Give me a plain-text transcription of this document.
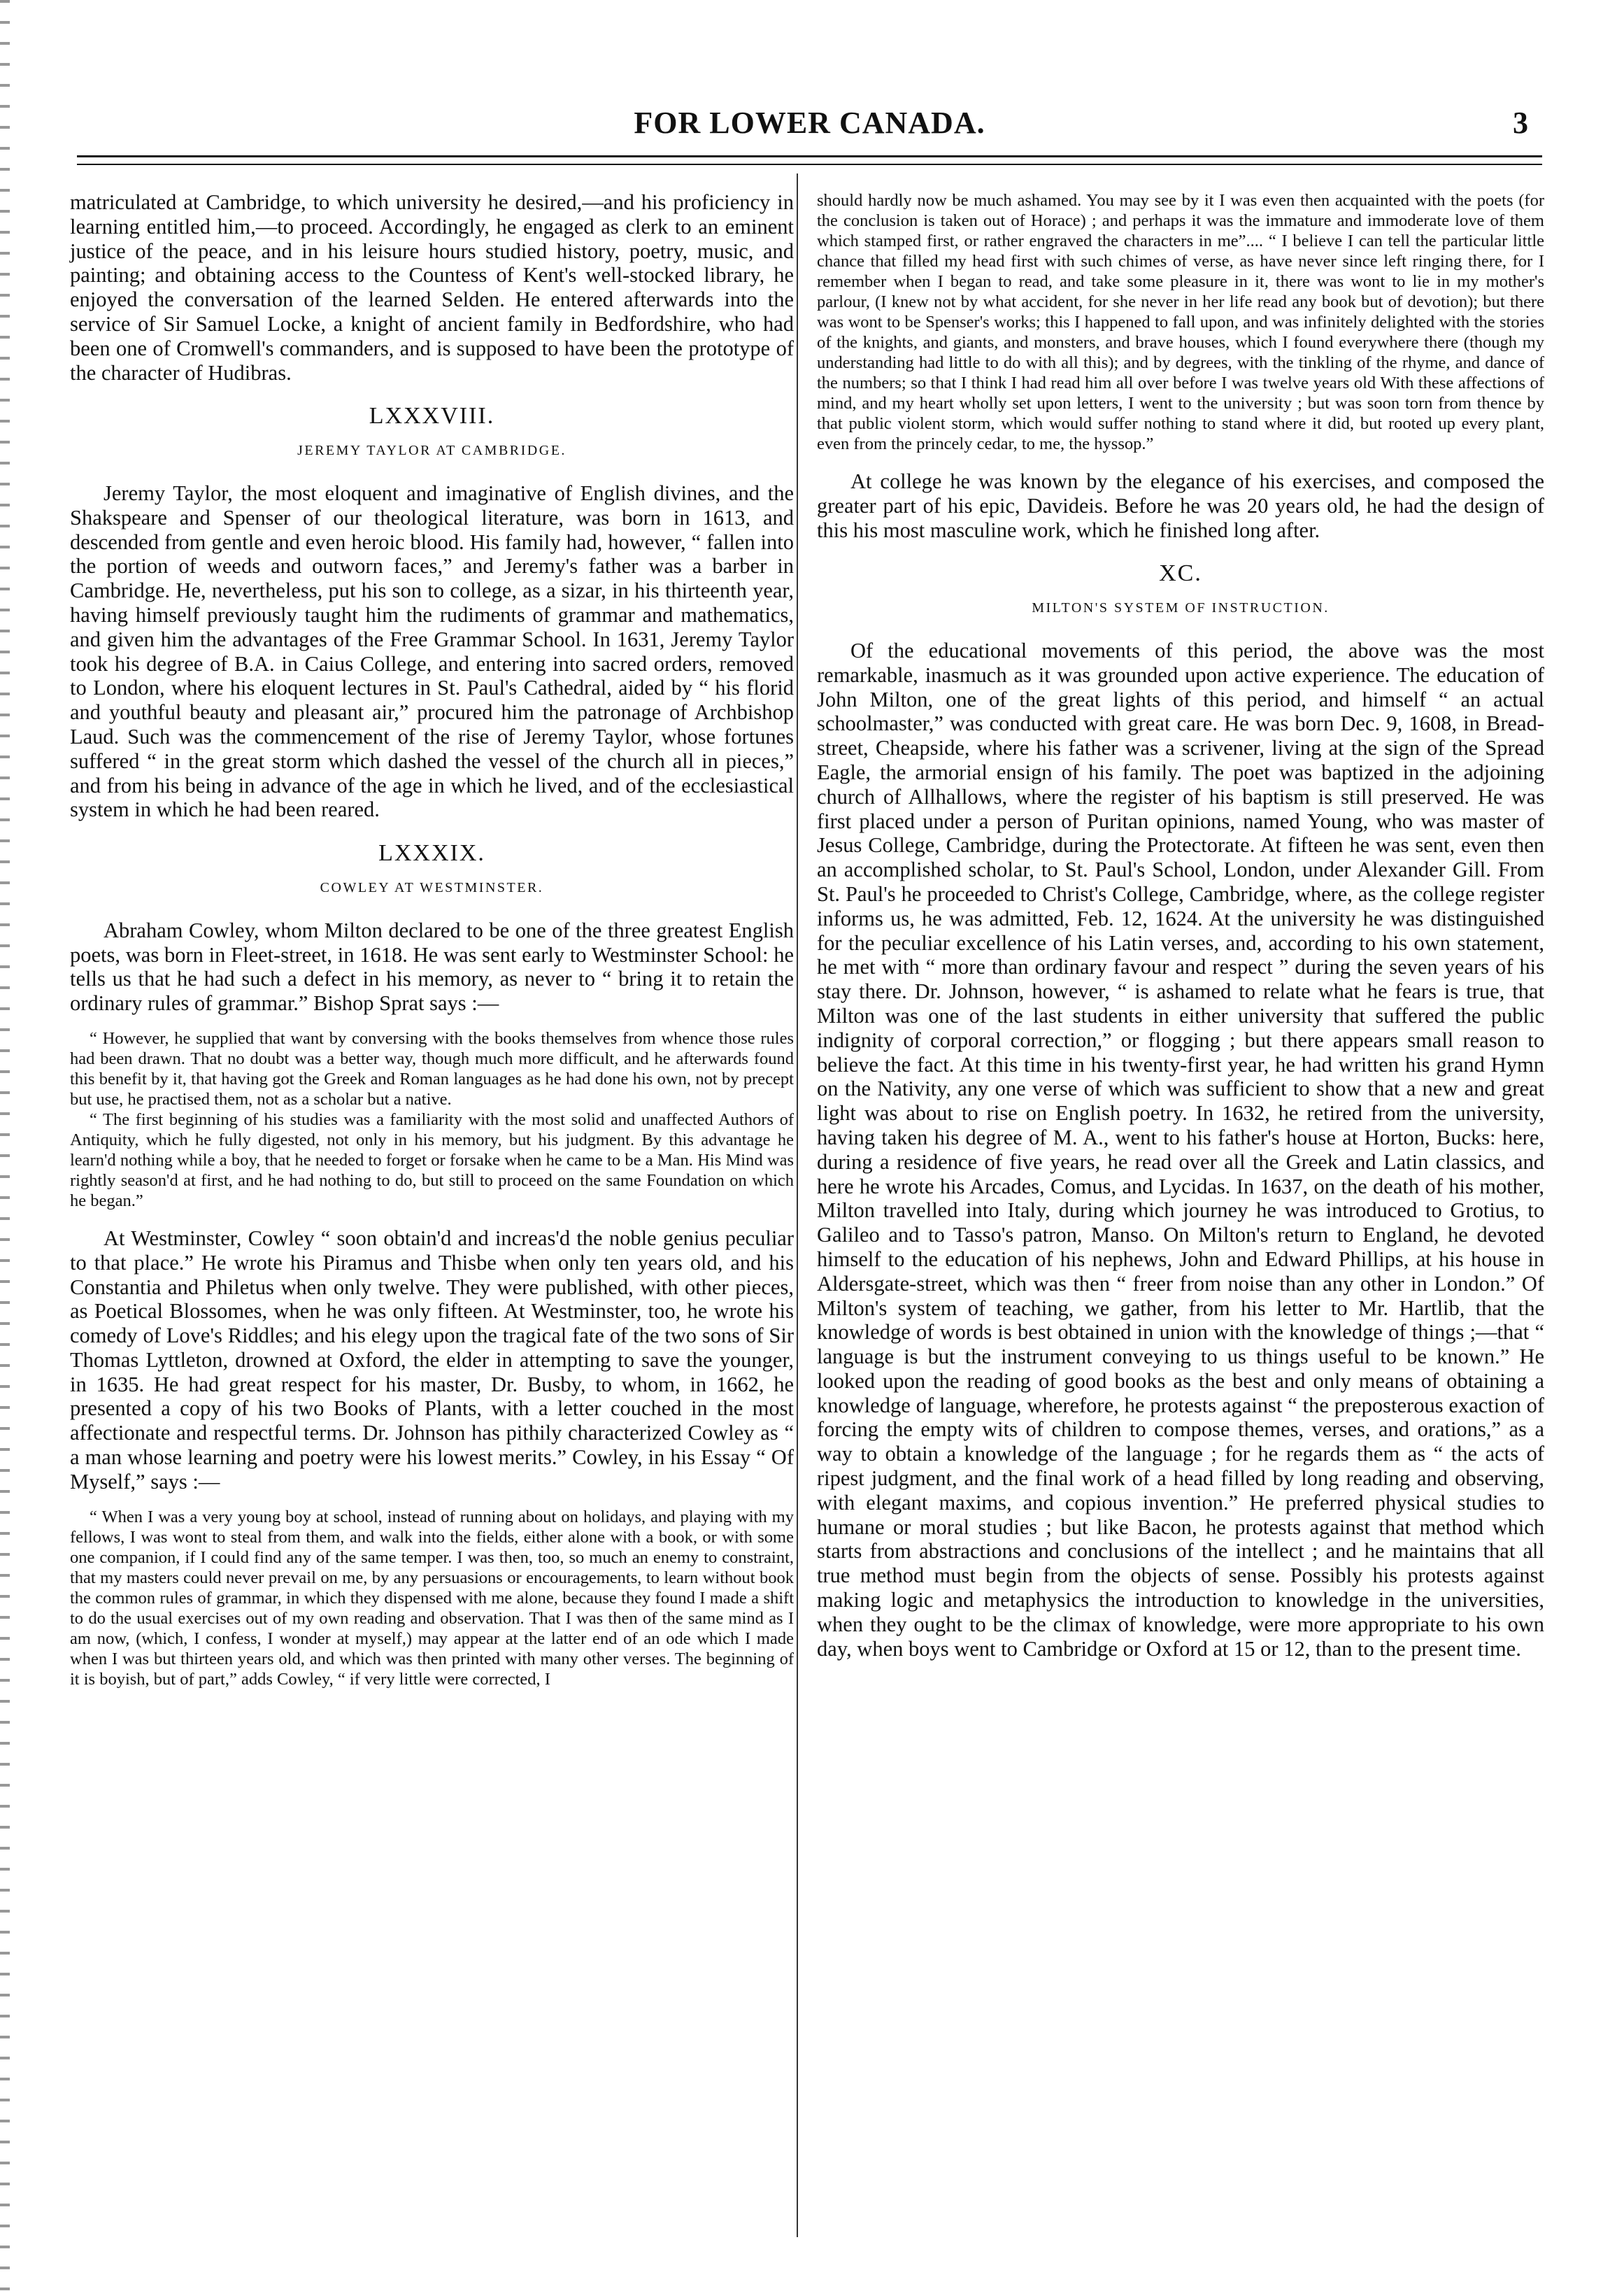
FOR LOWER CANADA.	3

matriculated at Cambridge, to which university he desired,—and his proficiency in learning entitled him,—to proceed. Accordingly, he engaged as clerk to an eminent justice of the peace, and in his leisure hours studied history, poetry, music, and painting; and obtaining access to the Countess of Kent's well-stocked library, he enjoyed the conversation of the learned Selden. He entered afterwards into the service of Sir Samuel Locke, a knight of ancient family in Bedfordshire, who had been one of Cromwell's commanders, and is supposed to have been the prototype of the character of Hudibras.

LXXXVIII.
JEREMY TAYLOR AT CAMBRIDGE.

Jeremy Taylor, the most eloquent and imaginative of English divines, and the Shakspeare and Spenser of our theological literature, was born in 1613, and descended from gentle and even heroic blood. His family had, however, “ fallen into the portion of weeds and outworn faces,” and Jeremy's father was a barber in Cambridge. He, nevertheless, put his son to college, as a sizar, in his thirteenth year, having himself previously taught him the rudiments of grammar and mathematics, and given him the advantages of the Free Grammar School. In 1631, Jeremy Taylor took his degree of B.A. in Caius College, and entering into sacred orders, removed to London, where his eloquent lectures in St. Paul's Cathedral, aided by “ his florid and youthful beauty and pleasant air,” procured him the patronage of Archbishop Laud. Such was the commencement of the rise of Jeremy Taylor, whose fortunes suffered “ in the great storm which dashed the vessel of the church all in pieces,” and from his being in advance of the age in which he lived, and of the ecclesiastical system in which he had been reared.

LXXXIX.
COWLEY AT WESTMINSTER.

Abraham Cowley, whom Milton declared to be one of the three greatest English poets, was born in Fleet-street, in 1618. He was sent early to Westminster School: he tells us that he had such a defect in his memory, as never to “ bring it to retain the ordinary rules of grammar.” Bishop Sprat says :—

“ However, he supplied that want by conversing with the books themselves from whence those rules had been drawn. That no doubt was a better way, though much more difficult, and he afterwards found this benefit by it, that having got the Greek and Roman languages as he had done his own, not by precept but use, he practised them, not as a scholar but a native.

“ The first beginning of his studies was a familiarity with the most solid and unaffected Authors of Antiquity, which he fully digested, not only in his memory, but his judgment. By this advantage he learn'd nothing while a boy, that he needed to forget or forsake when he came to be a Man. His Mind was rightly season'd at first, and he had nothing to do, but still to proceed on the same Foundation on which he began.”

At Westminster, Cowley “ soon obtain'd and increas'd the noble genius peculiar to that place.” He wrote his Piramus and Thisbe when only ten years old, and his Constantia and Philetus when only twelve. They were published, with other pieces, as Poetical Blossomes, when he was only fifteen. At Westminster, too, he wrote his comedy of Love's Riddles; and his elegy upon the tragical fate of the two sons of Sir Thomas Lyttleton, drowned at Oxford, the elder in attempting to save the younger, in 1635. He had great respect for his master, Dr. Busby, to whom, in 1662, he presented a copy of his two Books of Plants, with a letter couched in the most affectionate and respectful terms. Dr. Johnson has pithily characterized Cowley as “ a man whose learning and poetry were his lowest merits.” Cowley, in his Essay “ Of Myself,” says :—

“ When I was a very young boy at school, instead of running about on holidays, and playing with my fellows, I was wont to steal from them, and walk into the fields, either alone with a book, or with some one companion, if I could find any of the same temper. I was then, too, so much an enemy to constraint, that my masters could never prevail on me, by any persuasions or encouragements, to learn without book the common rules of grammar, in which they dispensed with me alone, because they found I made a shift to do the usual exercises out of my own reading and observation. That I was then of the same mind as I am now, (which, I confess, I wonder at myself,) may appear at the latter end of an ode which I made when I was but thirteen years old, and which was then printed with many other verses. The beginning of it is boyish, but of part,” adds Cowley, “ if very little were corrected, I

should hardly now be much ashamed. You may see by it I was even then acquainted with the poets (for the conclusion is taken out of Horace) ; and perhaps it was the immature and immoderate love of them which stamped first, or rather engraved the characters in me”.... “ I believe I can tell the particular little chance that filled my head first with such chimes of verse, as have never since left ringing there, for I remember when I began to read, and take some pleasure in it, there was wont to lie in my mother's parlour, (I knew not by what accident, for she never in her life read any book but of devotion); but there was wont to be Spenser's works; this I happened to fall upon, and was infinitely delighted with the stories of the knights, and giants, and monsters, and brave houses, which I found everywhere there (though my understanding had little to do with all this); and by degrees, with the tinkling of the rhyme, and dance of the numbers; so that I think I had read him all over before I was twelve years old With these affections of mind, and my heart wholly set upon letters, I went to the university ; but was soon torn from thence by that public violent storm, which would suffer nothing to stand where it did, but rooted up every plant, even from the princely cedar, to me, the hyssop.”

At college he was known by the elegance of his exercises, and composed the greater part of his epic, Davideis. Before he was 20 years old, he had the design of this his most masculine work, which he finished long after.

XC.
MILTON'S SYSTEM OF INSTRUCTION.

Of the educational movements of this period, the above was the most remarkable, inasmuch as it was grounded upon active experience. The education of John Milton, one of the great lights of this period, and himself “ an actual schoolmaster,” was conducted with great care. He was born Dec. 9, 1608, in Bread-street, Cheapside, where his father was a scrivener, living at the sign of the Spread Eagle, the armorial ensign of his family. The poet was baptized in the adjoining church of Allhallows, where the register of his baptism is still preserved. He was first placed under a person of Puritan opinions, named Young, who was master of Jesus College, Cambridge, during the Protectorate. At fifteen he was sent, even then an accomplished scholar, to St. Paul's School, London, under Alexander Gill. From St. Paul's he proceeded to Christ's College, Cambridge, where, as the college register informs us, he was admitted, Feb. 12, 1624. At the university he was distinguished for the peculiar excellence of his Latin verses, and, according to his own statement, he met with “ more than ordinary favour and respect ” during the seven years of his stay there. Dr. Johnson, however, “ is ashamed to relate what he fears is true, that Milton was one of the last students in either university that suffered the public indignity of corporal correction,” or flogging ; but there appears small reason to believe the fact. At this time in his twenty-first year, he had written his grand Hymn on the Nativity, any one verse of which was sufficient to show that a new and great light was about to rise on English poetry. In 1632, he retired from the university, having taken his degree of M. A., went to his father's house at Horton, Bucks: here, during a residence of five years, he read over all the Greek and Latin classics, and here he wrote his Arcades, Comus, and Lycidas. In 1637, on the death of his mother, Milton travelled into Italy, during which journey he was introduced to Grotius, to Galileo and to Tasso's patron, Manso. On Milton's return to England, he devoted himself to the education of his nephews, John and Edward Phillips, at his house in Aldersgate-street, which was then “ freer from noise than any other in London.” Of Milton's system of teaching, we gather, from his letter to Mr. Hartlib, that the knowledge of words is best obtained in union with the knowledge of things ;—that “ language is but the instrument conveying to us things useful to be known.” He looked upon the reading of good books as the best and only means of obtaining a knowledge of language, wherefore, he protests against “ the preposterous exaction of forcing the empty wits of children to compose themes, verses, and orations,” as a way to obtain a knowledge of the language ; for he regards them as “ the acts of ripest judgment, and the final work of a head filled by long reading and observing, with elegant maxims, and copious invention.” He preferred physical studies to humane or moral studies ; but like Bacon, he protests against that method which starts from abstractions and conclusions of the intellect ; and he maintains that all true method must begin from the objects of sense. Possibly his protests against making logic and metaphysics the introduction to knowledge in the universities, when they ought to be the climax of knowledge, were more appropriate to his own day, when boys went to Cambridge or Oxford at 15 or 12, than to the present time.
